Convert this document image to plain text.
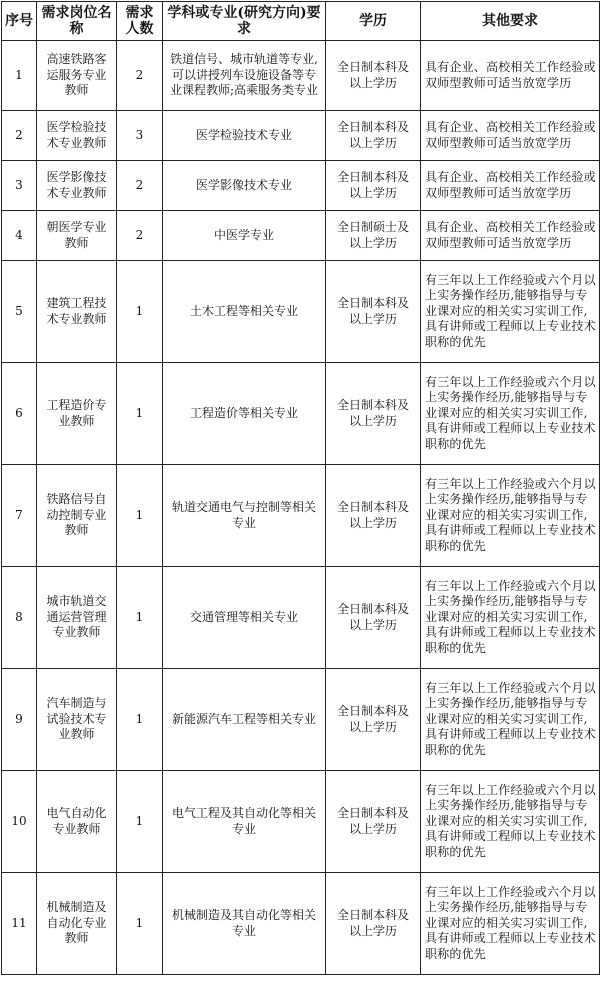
序号	需求岗位名称	需求人数	学科或专业(研究方向)要求	学历	其他要求
1	高速铁路客运服务专业教师	2	铁道信号、城市轨道等专业,可以讲授列车设施设备等专业课程教师;高乘服务类专业	全日制本科及以上学历	具有企业、高校相关工作经验或双师型教师可适当放宽学历
2	医学检验技术专业教师	3	医学检验技术专业	全日制本科及以上学历	具有企业、高校相关工作经验或双师型教师可适当放宽学历
3	医学影像技术专业教师	2	医学影像技术专业	全日制本科及以上学历	具有企业、高校相关工作经验或双师型教师可适当放宽学历
4	朝医学专业教师	2	中医学专业	全日制硕士及以上学历	具有企业、高校相关工作经验或双师型教师可适当放宽学历
5	建筑工程技术专业教师	1	土木工程等相关专业	全日制本科及以上学历	有三年以上工作经验或六个月以上实务操作经历,能够指导与专业课对应的相关实习实训工作,具有讲师或工程师以上专业技术职称的优先
6	工程造价专业教师	1	工程造价等相关专业	全日制本科及以上学历	有三年以上工作经验或六个月以上实务操作经历,能够指导与专业课对应的相关实习实训工作,具有讲师或工程师以上专业技术职称的优先
7	铁路信号自动控制专业教师	1	轨道交通电气与控制等相关专业	全日制本科及以上学历	有三年以上工作经验或六个月以上实务操作经历,能够指导与专业课对应的相关实习实训工作,具有讲师或工程师以上专业技术职称的优先
8	城市轨道交通运营管理专业教师	1	交通管理等相关专业	全日制本科及以上学历	有三年以上工作经验或六个月以上实务操作经历,能够指导与专业课对应的相关实习实训工作,具有讲师或工程师以上专业技术职称的优先
9	汽车制造与试验技术专业教师	1	新能源汽车工程等相关专业	全日制本科及以上学历	有三年以上工作经验或六个月以上实务操作经历,能够指导与专业课对应的相关实习实训工作,具有讲师或工程师以上专业技术职称的优先
10	电气自动化专业教师	1	电气工程及其自动化等相关专业	全日制本科及以上学历	有三年以上工作经验或六个月以上实务操作经历,能够指导与专业课对应的相关实习实训工作,具有讲师或工程师以上专业技术职称的优先
11	机械制造及自动化专业教师	1	机械制造及其自动化等相关专业	全日制本科及以上学历	有三年以上工作经验或六个月以上实务操作经历,能够指导与专业课对应的相关实习实训工作,具有讲师或工程师以上专业技术职称的优先
